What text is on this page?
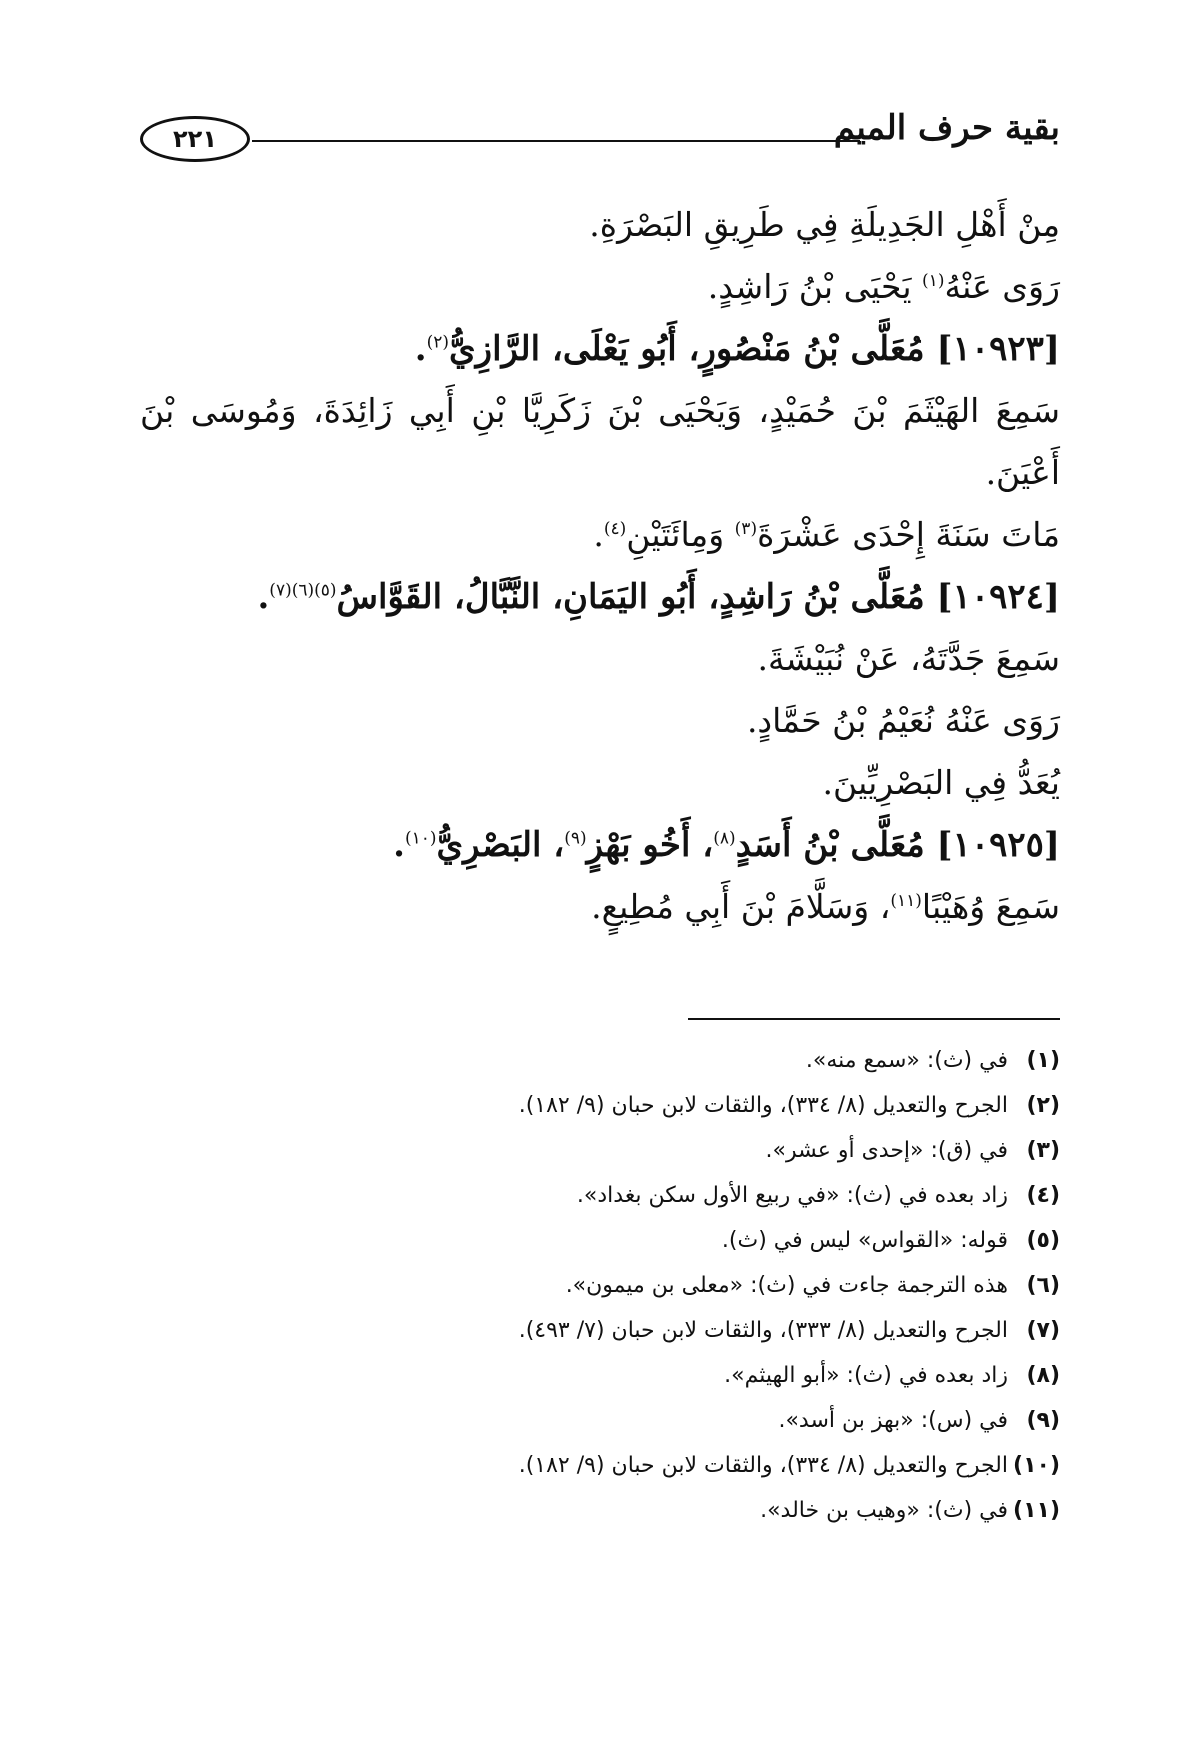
٢٢١	بقية حرف الميم
مِنْ أَهْلِ الجَدِيلَةِ فِي طَرِيقِ البَصْرَةِ.
رَوَى عَنْهُ$^{(١)}$ يَحْيَى بْنُ رَاشِدٍ.
[١٠٩٢٣] مُعَلَّى بْنُ مَنْصُورٍ، أَبُو يَعْلَى، الرَّازِيُّ$^{(٢)}$.
سَمِعَ الهَيْثَمَ بْنَ حُمَيْدٍ، وَيَحْيَى بْنَ زَكَرِيَّا بْنِ أَبِي زَائِدَةَ، وَمُوسَى بْنَ
أَعْيَنَ.
مَاتَ سَنَةَ إِحْدَى عَشْرَةَ$^{(٣)}$ وَمِائَتَيْنِ$^{(٤)}$.
[١٠٩٢٤] مُعَلَّى بْنُ رَاشِدٍ، أَبُو اليَمَانِ، النَّبَّالُ، القَوَّاسُ$^{(٥)(٦)(٧)}$.
سَمِعَ جَدَّتَهُ، عَنْ نُبَيْشَةَ.
رَوَى عَنْهُ نُعَيْمُ بْنُ حَمَّادٍ.
يُعَدُّ فِي البَصْرِيِّينَ.
[١٠٩٢٥] مُعَلَّى بْنُ أَسَدٍ$^{(٨)}$، أَخُو بَهْزٍ$^{(٩)}$، البَصْرِيُّ$^{(١٠)}$.
سَمِعَ وُهَيْبًا$^{(١١)}$، وَسَلَّامَ بْنَ أَبِي مُطِيعٍ.
(١)
في (ث): «سمع منه».
(٢)
الجرح والتعديل (٨/ ٣٣٤)، والثقات لابن حبان (٩/ ١٨٢).
(٣)
في (ق): «إحدى أو عشر».
(٤)
زاد بعده في (ث): «في ربيع الأول سكن بغداد».
(٥)
قوله: «القواس» ليس في (ث).
(٦)
هذه الترجمة جاءت في (ث): «معلى بن ميمون».
(٧)
الجرح والتعديل (٨/ ٣٣٣)، والثقات لابن حبان (٧/ ٤٩٣).
(٨)
زاد بعده في (ث): «أبو الهيثم».
(٩)
في (س): «بهز بن أسد».
(١٠)
الجرح والتعديل (٨/ ٣٣٤)، والثقات لابن حبان (٩/ ١٨٢).
(١١)
في (ث): «وهيب بن خالد».
